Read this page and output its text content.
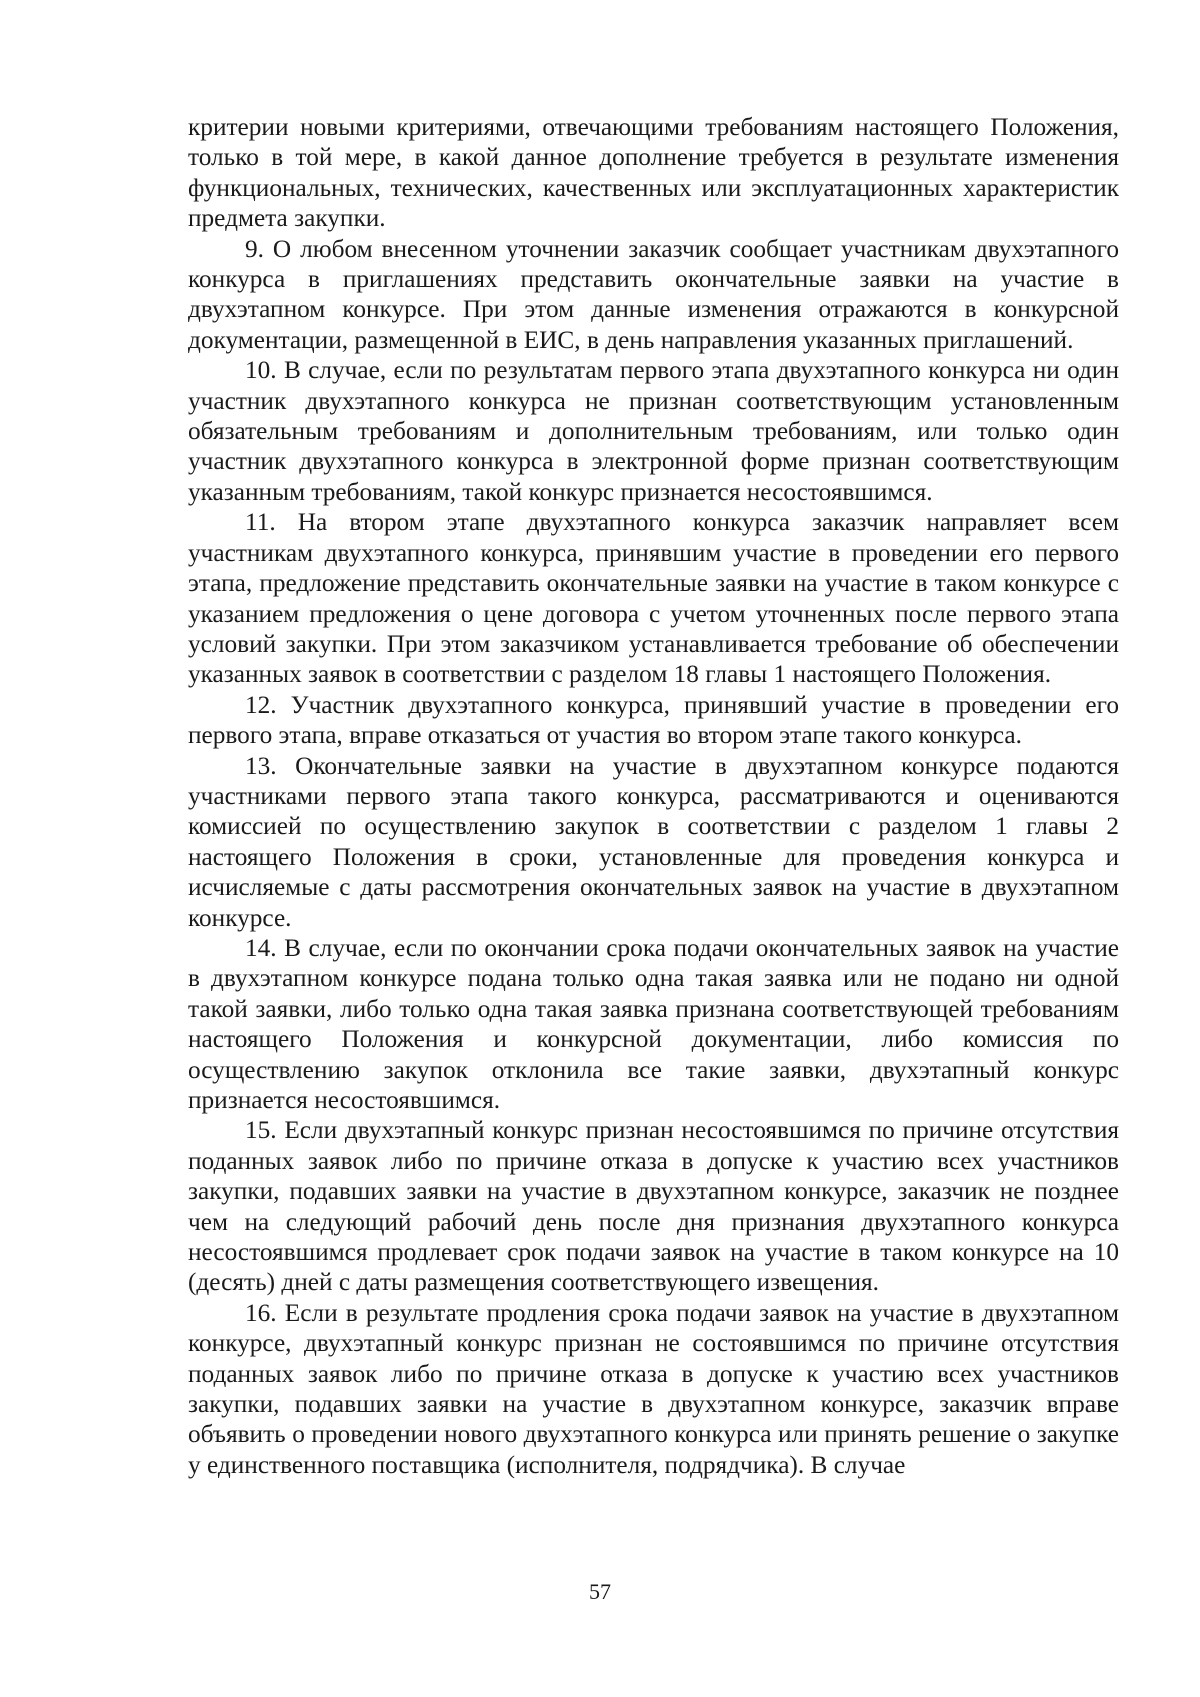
критерии новыми критериями, отвечающими требованиям настоящего Положения, только в той мере, в какой данное дополнение требуется в результате изменения функциональных, технических, качественных или эксплуатационных характеристик предмета закупки.

9. О любом внесенном уточнении заказчик сообщает участникам двухэтапного конкурса в приглашениях представить окончательные заявки на участие в двухэтапном конкурсе. При этом данные изменения отражаются в конкурсной документации, размещенной в ЕИС, в день направления указанных приглашений.

10. В случае, если по результатам первого этапа двухэтапного конкурса ни один участник двухэтапного конкурса не признан соответствующим установленным обязательным требованиям и дополнительным требованиям, или только один участник двухэтапного конкурса в электронной форме признан соответствующим указанным требованиям, такой конкурс признается несостоявшимся.

11. На втором этапе двухэтапного конкурса заказчик направляет всем участникам двухэтапного конкурса, принявшим участие в проведении его первого этапа, предложение представить окончательные заявки на участие в таком конкурсе с указанием предложения о цене договора с учетом уточненных после первого этапа условий закупки. При этом заказчиком устанавливается требование об обеспечении указанных заявок в соответствии с разделом 18 главы 1 настоящего Положения.

12. Участник двухэтапного конкурса, принявший участие в проведении его первого этапа, вправе отказаться от участия во втором этапе такого конкурса.

13. Окончательные заявки на участие в двухэтапном конкурсе подаются участниками первого этапа такого конкурса, рассматриваются и оцениваются комиссией по осуществлению закупок в соответствии с разделом 1 главы 2 настоящего Положения в сроки, установленные для проведения конкурса и исчисляемые с даты рассмотрения окончательных заявок на участие в двухэтапном конкурсе.

14. В случае, если по окончании срока подачи окончательных заявок на участие в двухэтапном конкурсе подана только одна такая заявка или не подано ни одной такой заявки, либо только одна такая заявка признана соответствующей требованиям настоящего Положения и конкурсной документации, либо комиссия по осуществлению закупок отклонила все такие заявки, двухэтапный конкурс признается несостоявшимся.

15. Если двухэтапный конкурс признан несостоявшимся по причине отсутствия поданных заявок либо по причине отказа в допуске к участию всех участников закупки, подавших заявки на участие в двухэтапном конкурсе, заказчик не позднее чем на следующий рабочий день после дня признания двухэтапного конкурса несостоявшимся продлевает срок подачи заявок на участие в таком конкурсе на 10 (десять) дней с даты размещения соответствующего извещения.

16. Если в результате продления срока подачи заявок на участие в двухэтапном конкурсе, двухэтапный конкурс признан не состоявшимся по причине отсутствия поданных заявок либо по причине отказа в допуске к участию всех участников закупки, подавших заявки на участие в двухэтапном конкурсе, заказчик вправе объявить о проведении нового двухэтапного конкурса или принять решение о закупке у единственного поставщика (исполнителя, подрядчика). В случае

57
